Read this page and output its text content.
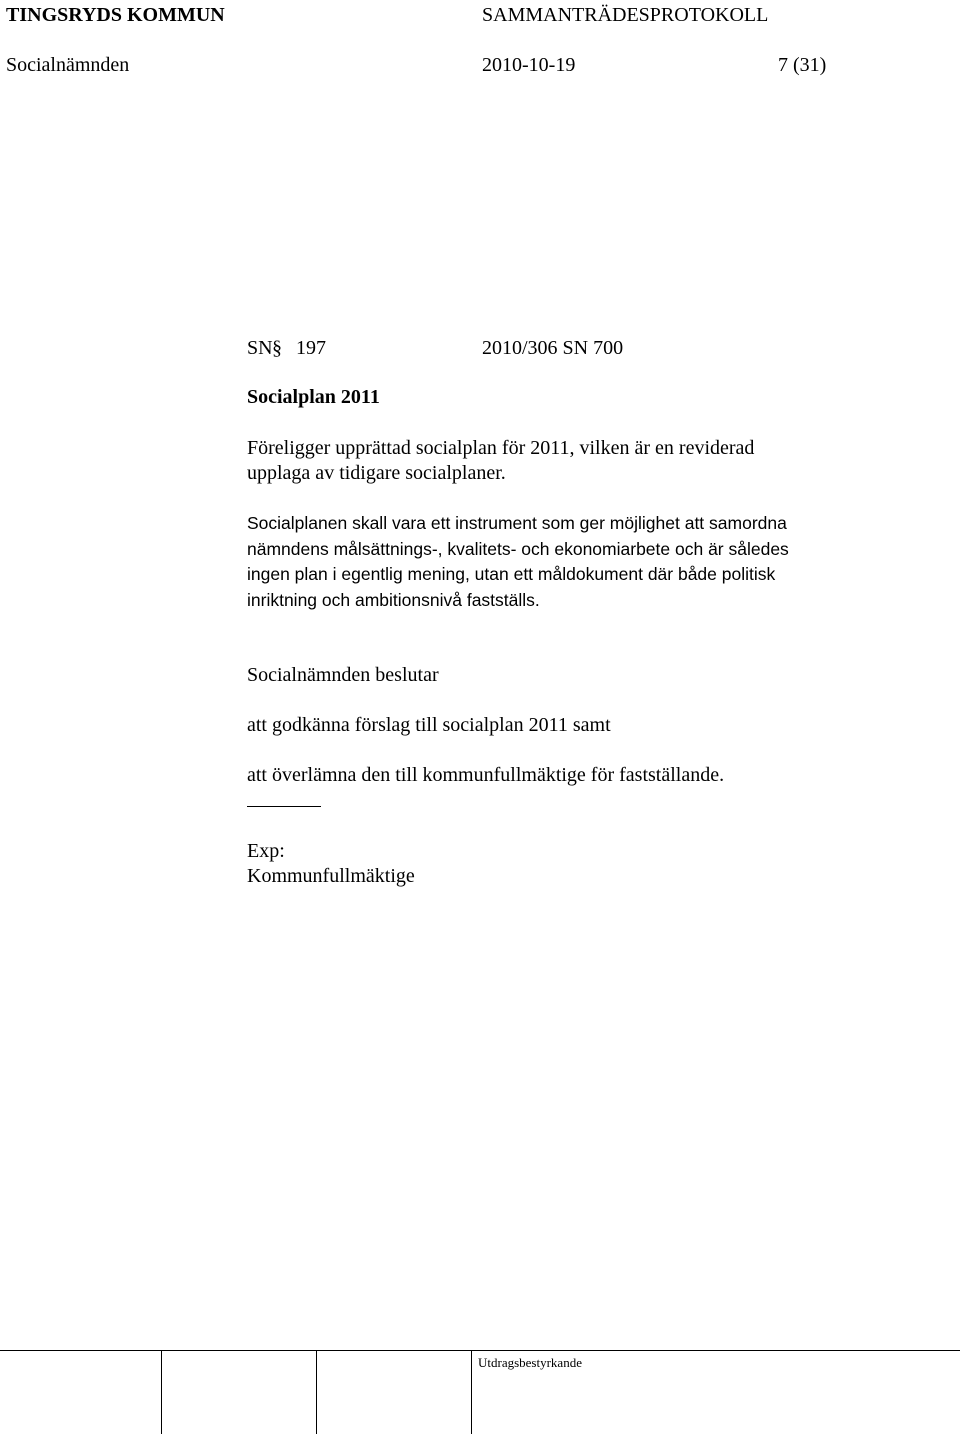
TINGSRYDS KOMMUN	SAMMANTRÄDESPROTOKOLL
Socialnämnden	2010-10-19	7 (31)
SN § 197	2010/306 SN 700
Socialplan 2011
Föreligger upprättad socialplan för 2011, vilken är en reviderad
upplaga av tidigare socialplaner.
Socialplanen skall vara ett instrument som ger möjlighet att samordna
nämndens målsättnings-, kvalitets- och ekonomiarbete och är således
ingen plan i egentlig mening, utan ett måldokument där både politisk
inriktning och ambitionsnivå fastställs.
Socialnämnden beslutar
att godkänna förslag till socialplan 2011 samt
att överlämna den till kommunfullmäktige för fastställande.
Exp:
Kommunfullmäktige
Utdragsbestyrkande
